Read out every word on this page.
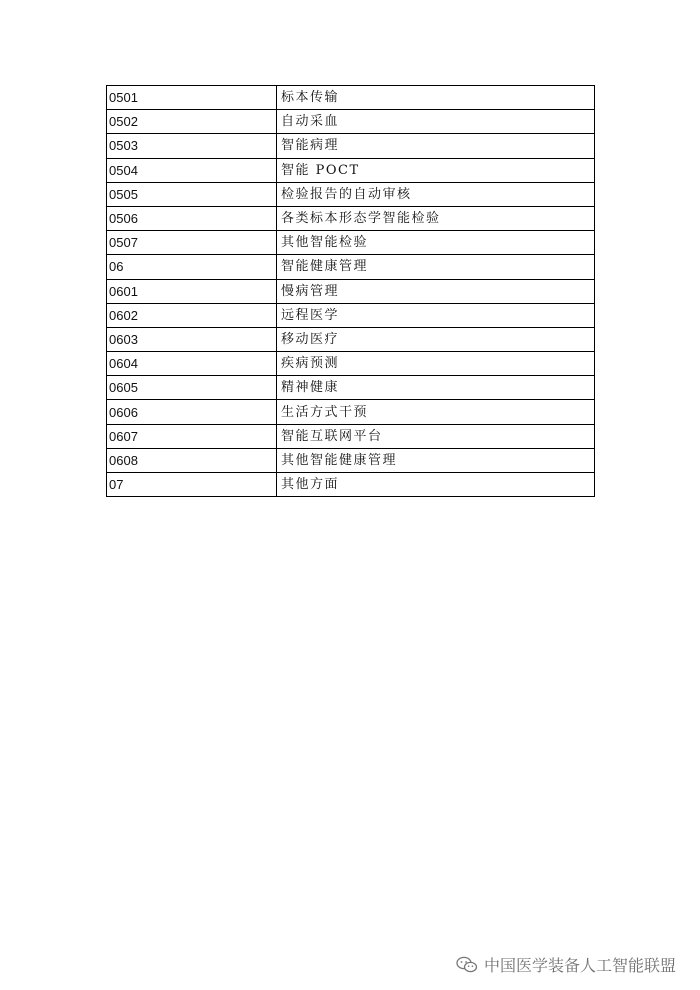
0501	标本传输
0502	自动采血
0503	智能病理
0504	智能 POCT
0505	检验报告的自动审核
0506	各类标本形态学智能检验
0507	其他智能检验
06	智能健康管理
0601	慢病管理
0602	远程医学
0603	移动医疗
0604	疾病预测
0605	精神健康
0606	生活方式干预
0607	智能互联网平台
0608	其他智能健康管理
07	其他方面
中国医学装备人工智能联盟
